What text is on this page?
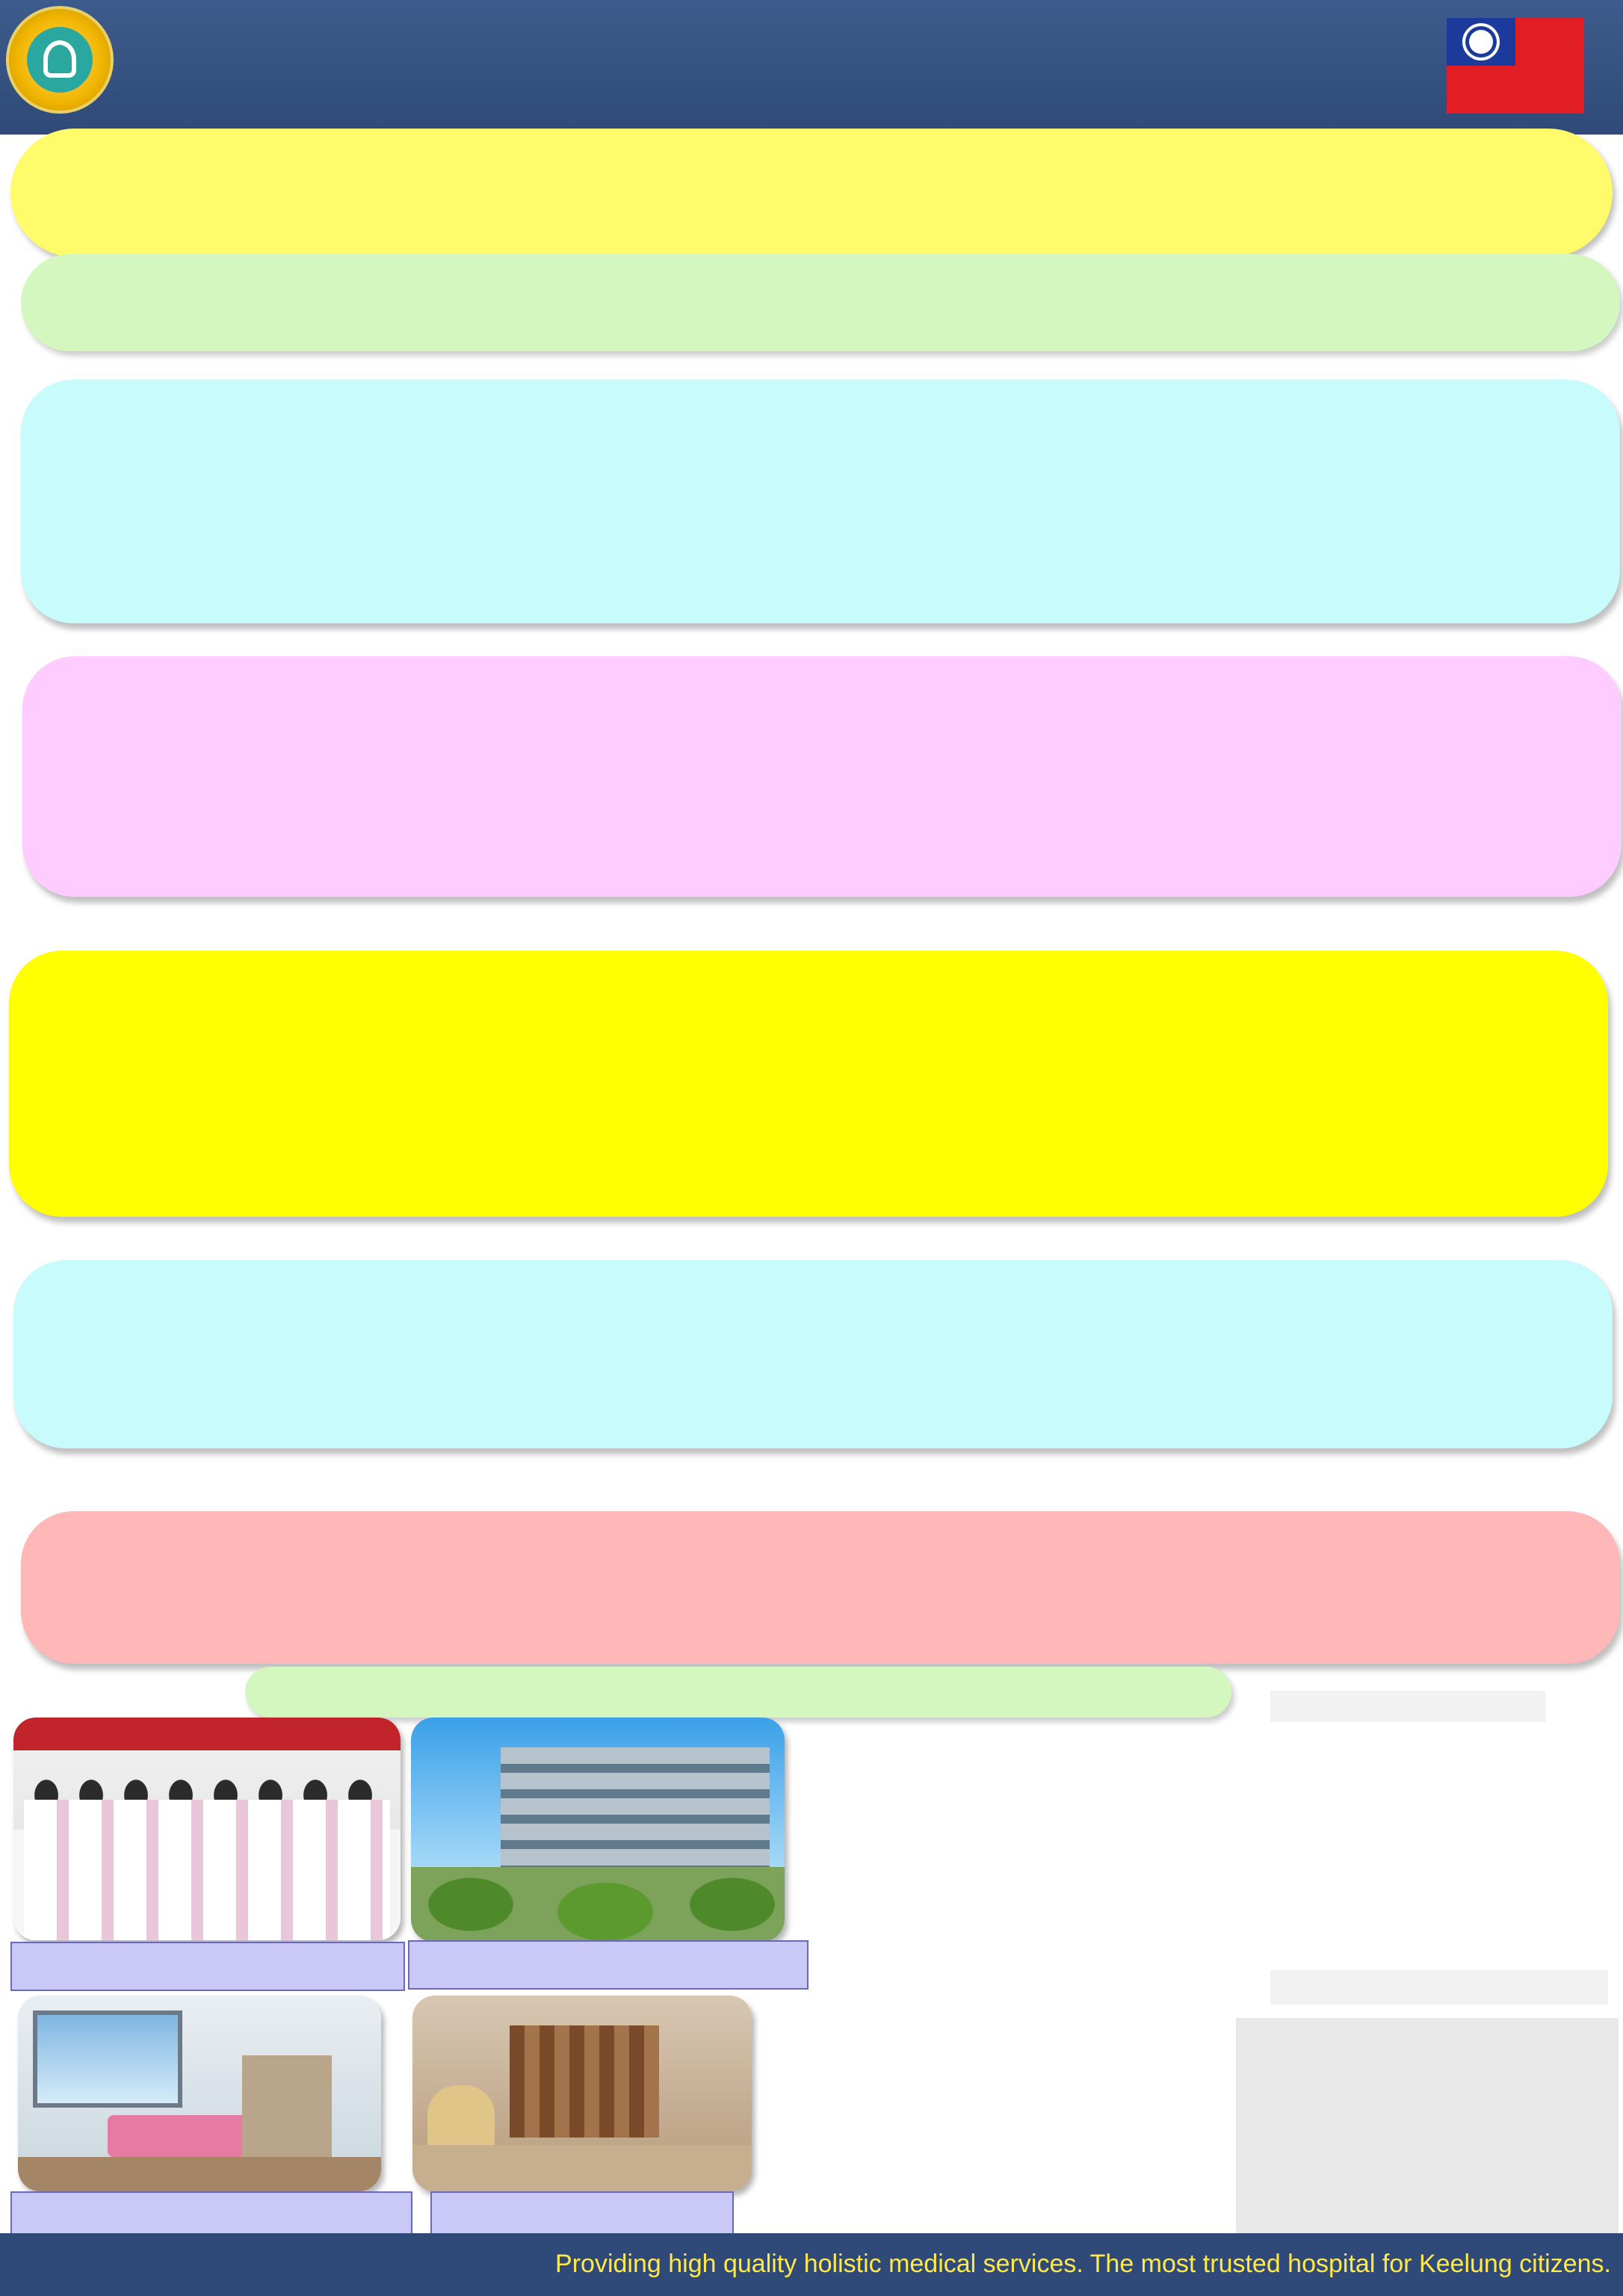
Providing high quality holistic medical services. The most trusted hospital for Keelung citizens.
